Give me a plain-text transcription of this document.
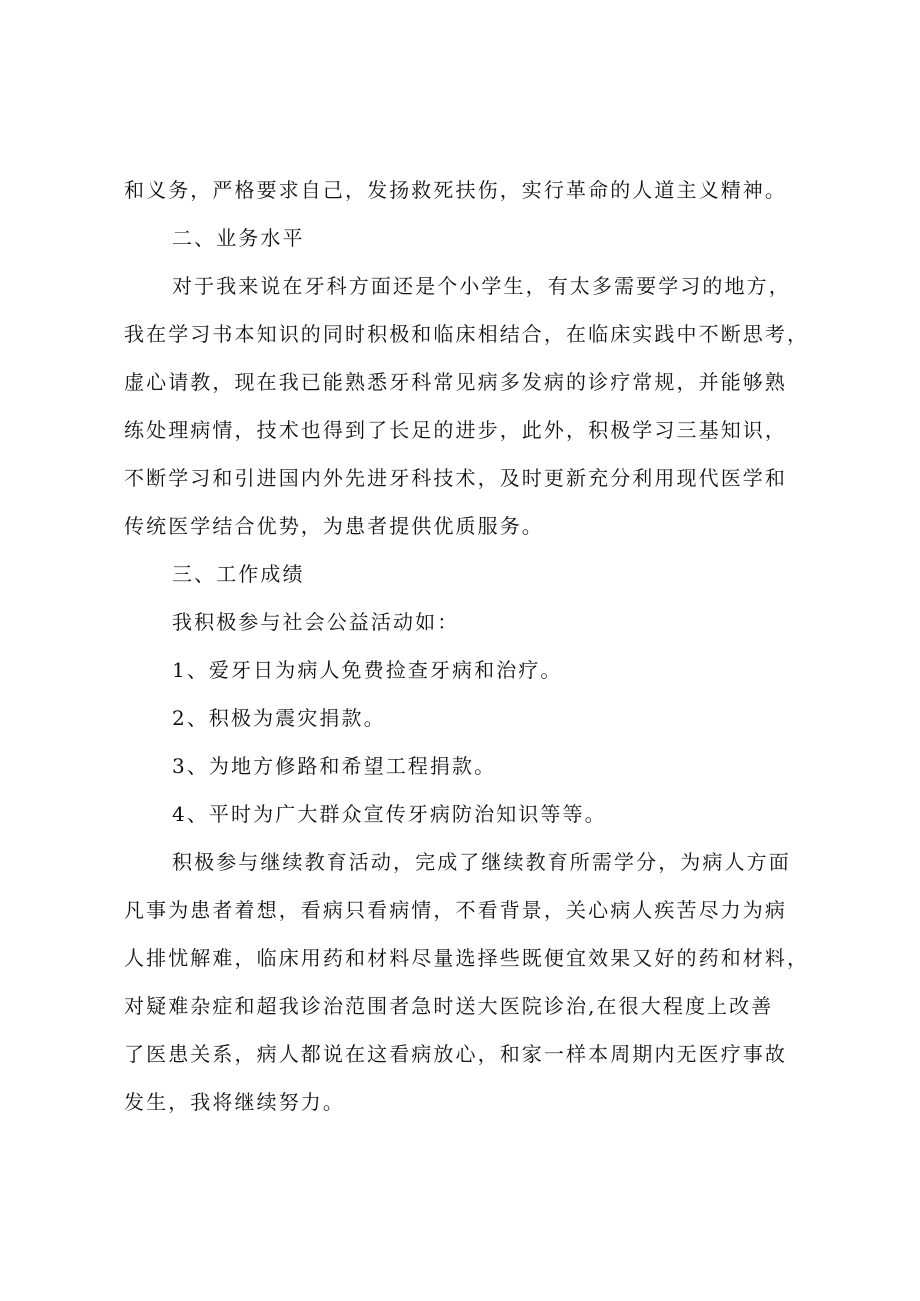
和义务，严格要求自己，发扬救死扶伤，实行革命的人道主义精神。
二、业务水平
对于我来说在牙科方面还是个小学生，有太多需要学习的地方，
我在学习书本知识的同时积极和临床相结合，在临床实践中不断思考，
虚心请教，现在我已能熟悉牙科常见病多发病的诊疗常规，并能够熟
练处理病情，技术也得到了长足的进步，此外，积极学习三基知识，
不断学习和引进国内外先进牙科技术，及时更新充分利用现代医学和
传统医学结合优势，为患者提供优质服务。
三、工作成绩
我积极参与社会公益活动如：
1、爱牙日为病人免费捡查牙病和治疗。
2、积极为震灾捐款。
3、为地方修路和希望工程捐款。
4、平时为广大群众宣传牙病防治知识等等。
积极参与继续教育活动，完成了继续教育所需学分，为病人方面
凡事为患者着想，看病只看病情，不看背景，关心病人疾苦尽力为病
人排忧解难，临床用药和材料尽量选择些既便宜效果又好的药和材料，
对疑难杂症和超我诊治范围者急时送大医院诊治,在很大程度上改善
了医患关系，病人都说在这看病放心，和家一样本周期内无医疗事故
发生，我将继续努力。
